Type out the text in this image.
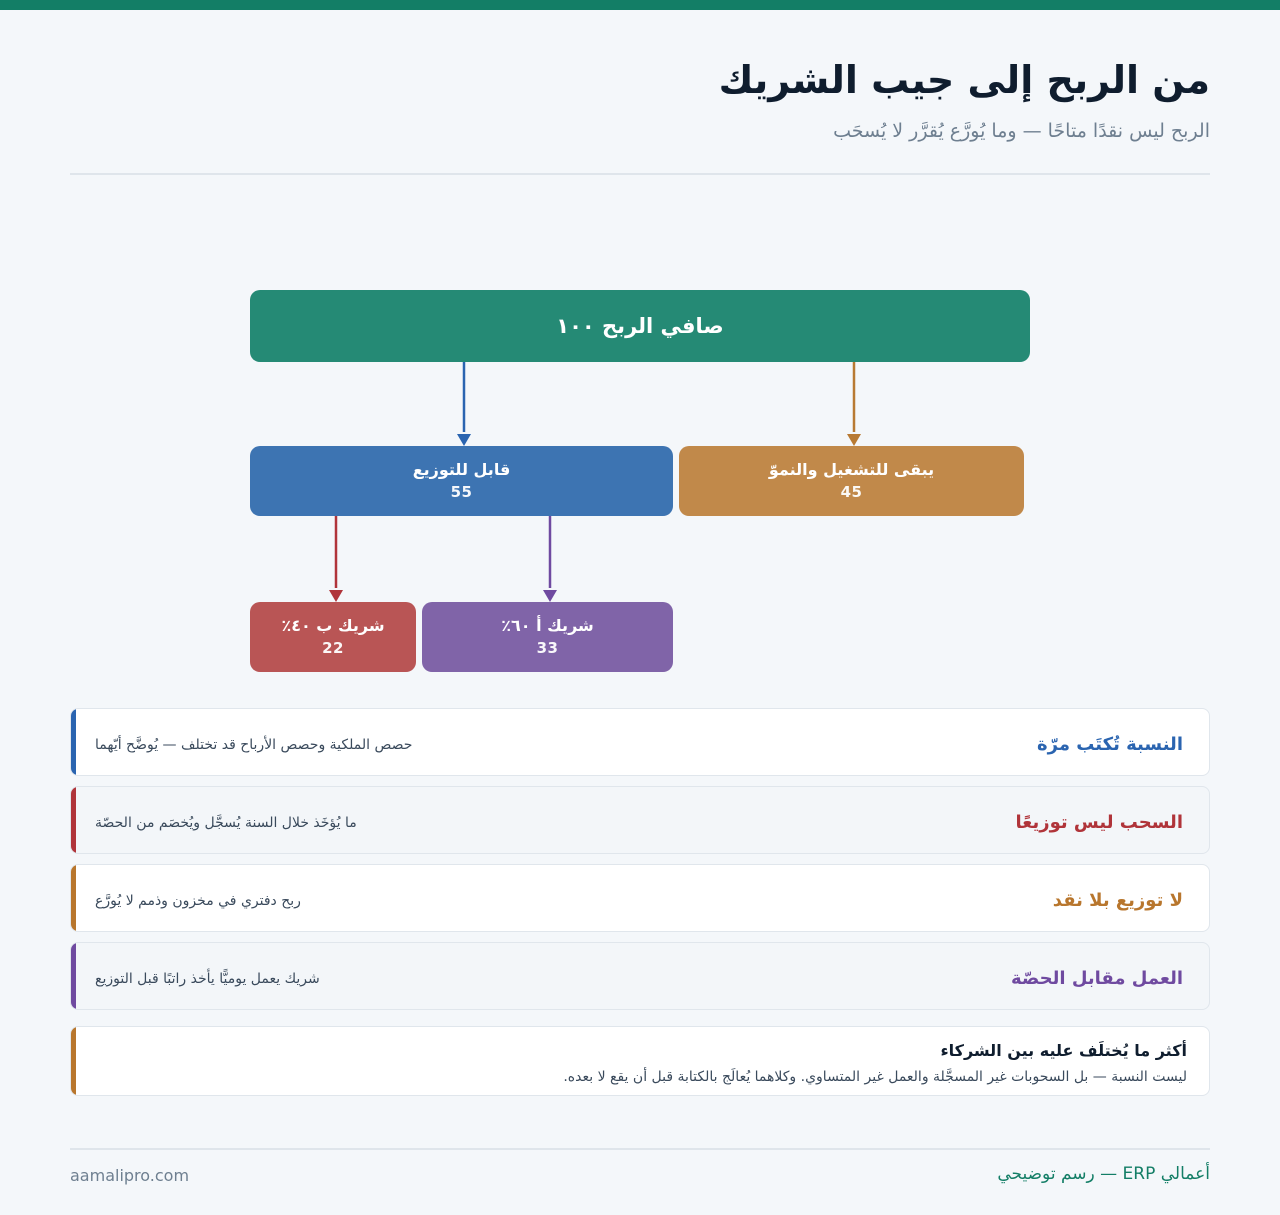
من الربح إلى جيب الشريك
الربح ليس نقدًا متاحًا — وما يُورَّع يُقرَّر لا يُسحَب
صافي الربح ١٠٠
قابل للتوزيع
55
يبقى للتشغيل والنموّ
45
شريك ب ٤٠٪
22
شريك أ ٦٠٪
33
النسبة تُكتَب مرّة
حصص الملكية وحصص الأرباح قد تختلف — يُوضَّح أيّهما
السحب ليس توزيعًا
ما يُؤخَذ خلال السنة يُسجَّل ويُخصَم من الحصّة
لا توزيع بلا نقد
ربح دفتري في مخزون وذمم لا يُورَّع
العمل مقابل الحصّة
شريك يعمل يوميًّا يأخذ راتبًا قبل التوزيع
أكثر ما يُختلَف عليه بين الشركاء
ليست النسبة — بل السحوبات غير المسجَّلة والعمل غير المتساوي. وكلاهما يُعالَج بالكتابة قبل أن يقع لا بعده.
aamalipro.com	أعمالي ERP — رسم توضيحي
